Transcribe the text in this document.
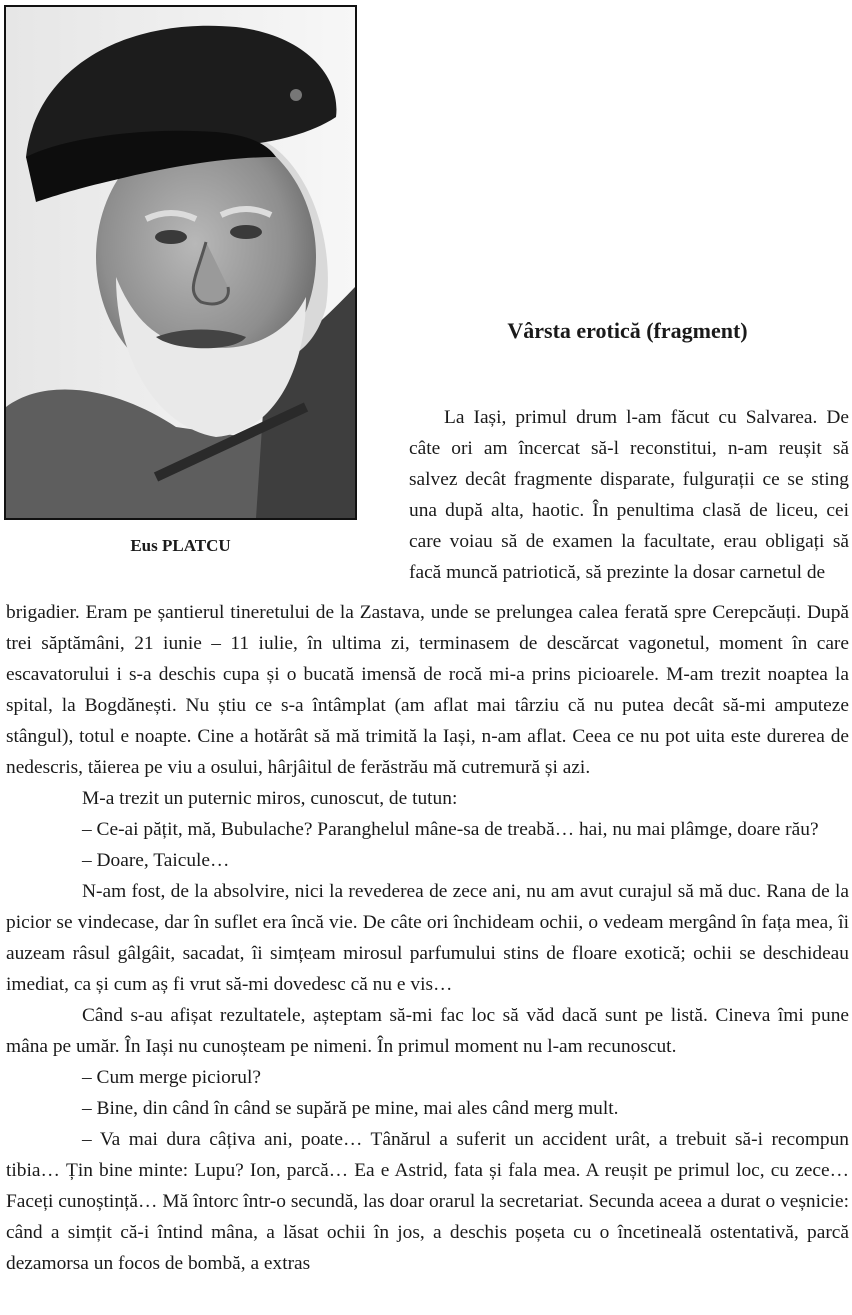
Eus PLATCU
Vârsta erotică (fragment)

La Iași, primul drum l-am făcut cu Salvarea. De câte ori am încercat să-l reconstitui, n-am reușit să salvez decât fragmente disparate, fulgurații ce se sting una după alta, haotic. În penultima clasă de liceu, cei care voiau să de examen la facultate, erau obligați să facă muncă patriotică, să prezinte la dosar carnetul de

brigadier. Eram pe șantierul tineretului de la Zastava, unde se prelungea calea ferată spre Cerepcăuți. După trei săptămâni, 21 iunie – 11 iulie, în ultima zi, terminasem de descărcat vagonetul, moment în care escavatorului i s-a deschis cupa și o bucată imensă de rocă mi-a prins picioarele. M-am trezit noaptea la spital, la Bogdănești. Nu știu ce s-a întâmplat (am aflat mai târziu că nu putea decât să-mi amputeze stângul), totul e noapte. Cine a hotărât să mă trimită la Iași, n-am aflat. Ceea ce nu pot uita este durerea de nedescris, tăierea pe viu a osului, hârjâitul de ferăstrău mă cutremură și azi.

M-a trezit un puternic miros, cunoscut, de tutun:

– Ce-ai pățit, mă, Bubulache? Paranghelul mâne-sa de treabă… hai, nu mai plâmge, doare rău?

– Doare, Taicule…

N-am fost, de la absolvire, nici la revederea de zece ani, nu am avut curajul să mă duc. Rana de la picior se vindecase, dar în suflet era încă vie. De câte ori închideam ochii, o vedeam mergând în fața mea, îi auzeam râsul gâlgâit, sacadat, îi simțeam mirosul parfumului stins de floare exotică; ochii se deschideau imediat, ca și cum aș fi vrut să-mi dovedesc că nu e vis…

Când s-au afișat rezultatele, așteptam să-mi fac loc să văd dacă sunt pe listă. Cineva îmi pune mâna pe umăr. În Iași nu cunoșteam pe nimeni. În primul moment nu l-am recunoscut.

– Cum merge piciorul?

– Bine, din când în când se supără pe mine, mai ales când merg mult.

– Va mai dura câțiva ani, poate… Tânărul a suferit un accident urât, a trebuit să-i recompun tibia… Țin bine minte: Lupu? Ion, parcă… Ea e Astrid, fata și fala mea. A reușit pe primul loc, cu zece… Faceți cunoștință… Mă întorc într-o secundă, las doar orarul la secretariat. Secunda aceea a durat o veșnicie: când a simțit că-i întind mâna, a lăsat ochii în jos, a deschis poșeta cu o încetineală ostentativă, parcă dezamorsa un focos de bombă, a extras
